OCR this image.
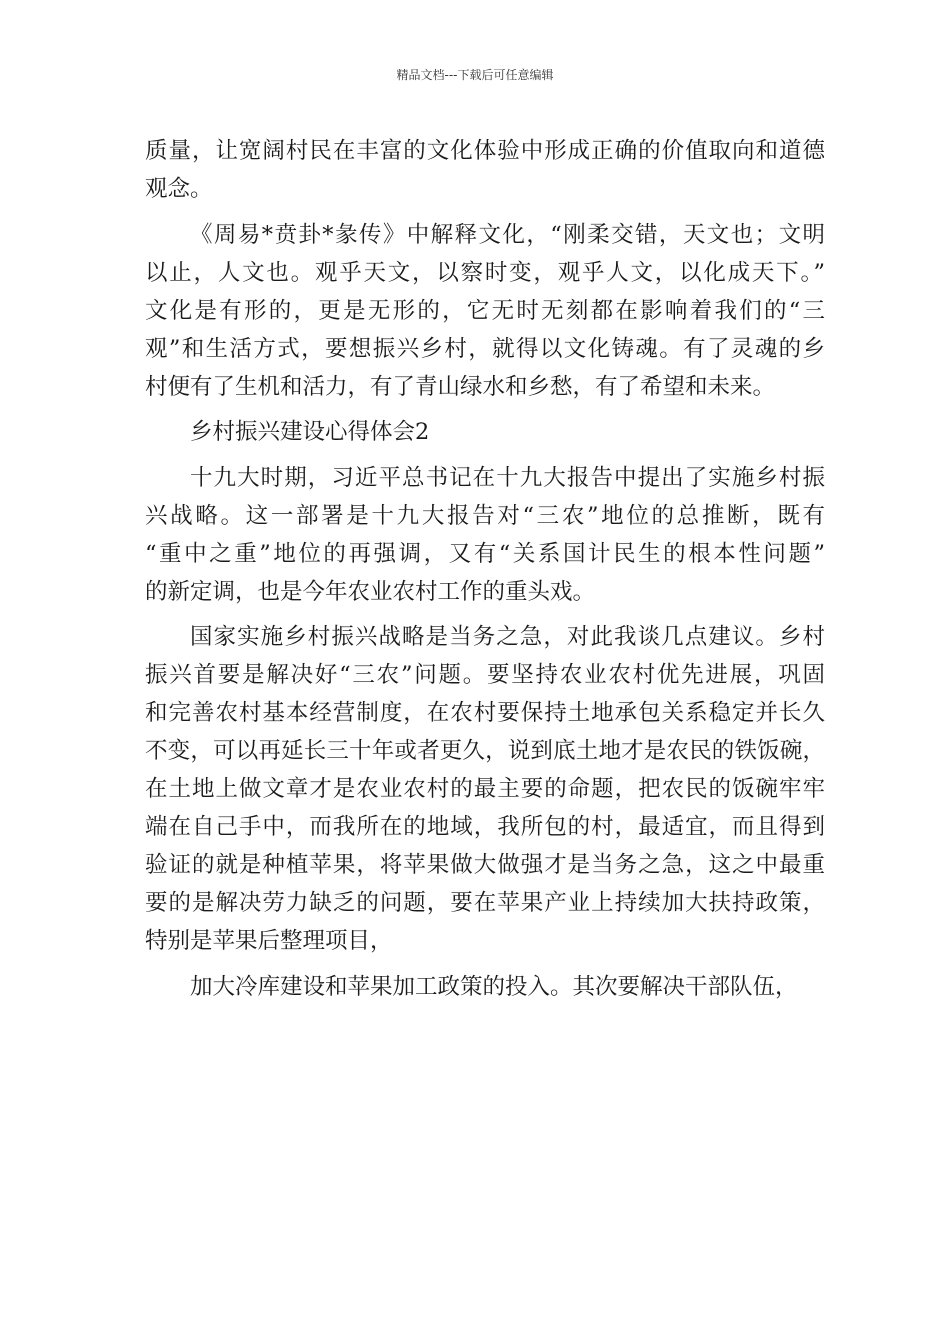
精品文档---下载后可任意编辑
质量，让宽阔村民在丰富的文化体验中形成正确的价值取向和道德
观念。
《周易*贲卦*彖传》中解释文化，“刚柔交错，天文也；文明
以止，人文也。观乎天文，以察时变，观乎人文，以化成天下。”
文化是有形的，更是无形的，它无时无刻都在影响着我们的“三
观”和生活方式，要想振兴乡村，就得以文化铸魂。有了灵魂的乡
村便有了生机和活力，有了青山绿水和乡愁，有了希望和未来。
乡村振兴建设心得体会2
十九大时期，习近平总书记在十九大报告中提出了实施乡村振
兴战略。这一部署是十九大报告对“三农”地位的总推断，既有
“重中之重”地位的再强调，又有“关系国计民生的根本性问题”
的新定调，也是今年农业农村工作的重头戏。
国家实施乡村振兴战略是当务之急，对此我谈几点建议。乡村
振兴首要是解决好“三农”问题。要坚持农业农村优先进展，巩固
和完善农村基本经营制度，在农村要保持土地承包关系稳定并长久
不变，可以再延长三十年或者更久，说到底土地才是农民的铁饭碗，
在土地上做文章才是农业农村的最主要的命题，把农民的饭碗牢牢
端在自己手中，而我所在的地域，我所包的村，最适宜，而且得到
验证的就是种植苹果，将苹果做大做强才是当务之急，这之中最重
要的是解决劳力缺乏的问题，要在苹果产业上持续加大扶持政策，
特别是苹果后整理项目，
加大冷库建设和苹果加工政策的投入。其次要解决干部队伍，
